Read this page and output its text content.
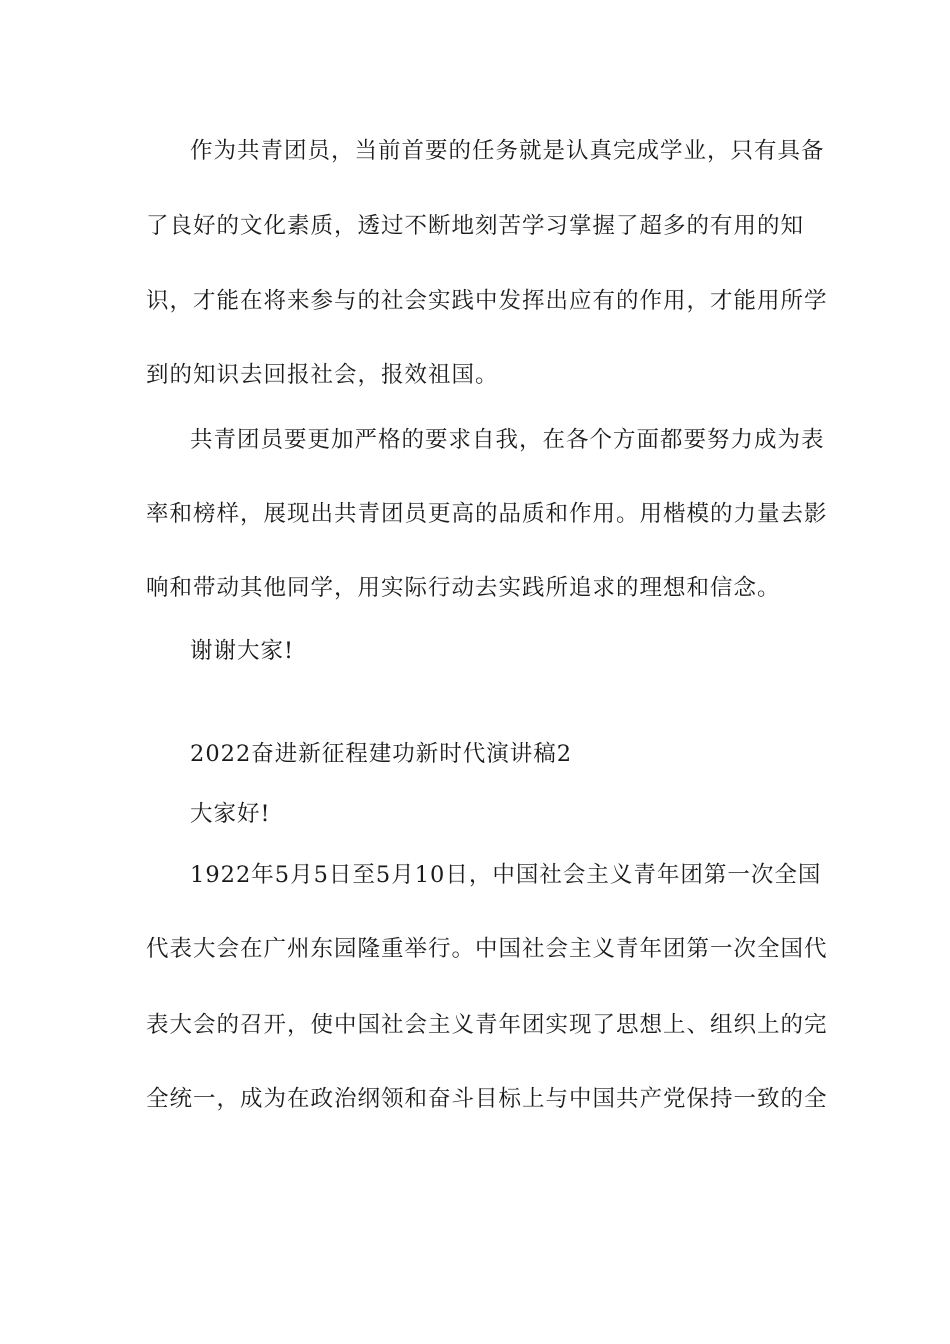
作为共青团员，当前首要的任务就是认真完成学业，只有具备
了良好的文化素质，透过不断地刻苦学习掌握了超多的有用的知
识，才能在将来参与的社会实践中发挥出应有的作用，才能用所学
到的知识去回报社会，报效祖国。
共青团员要更加严格的要求自我，在各个方面都要努力成为表
率和榜样，展现出共青团员更高的品质和作用。用楷模的力量去影
响和带动其他同学，用实际行动去实践所追求的理想和信念。
谢谢大家!
2022奋进新征程建功新时代演讲稿2
大家好!
1922年5月5日至5月10日，中国社会主义青年团第一次全国
代表大会在广州东园隆重举行。中国社会主义青年团第一次全国代
表大会的召开，使中国社会主义青年团实现了思想上、组织上的完
全统一，成为在政治纲领和奋斗目标上与中国共产党保持一致的全
